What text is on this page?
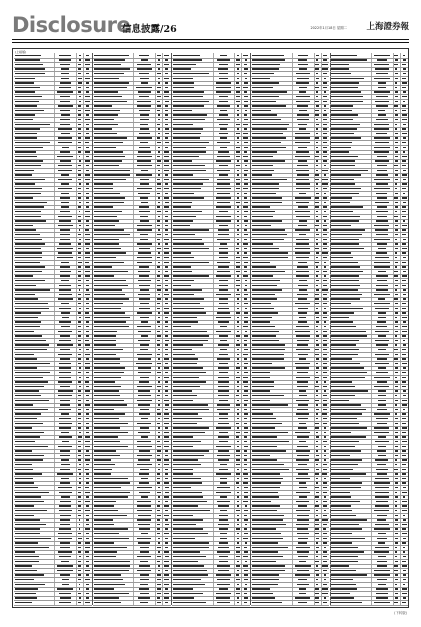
Disclosure
信息披露/26	2022年1月18日 星期二 上海證券報
(上接版)
(下转版)
